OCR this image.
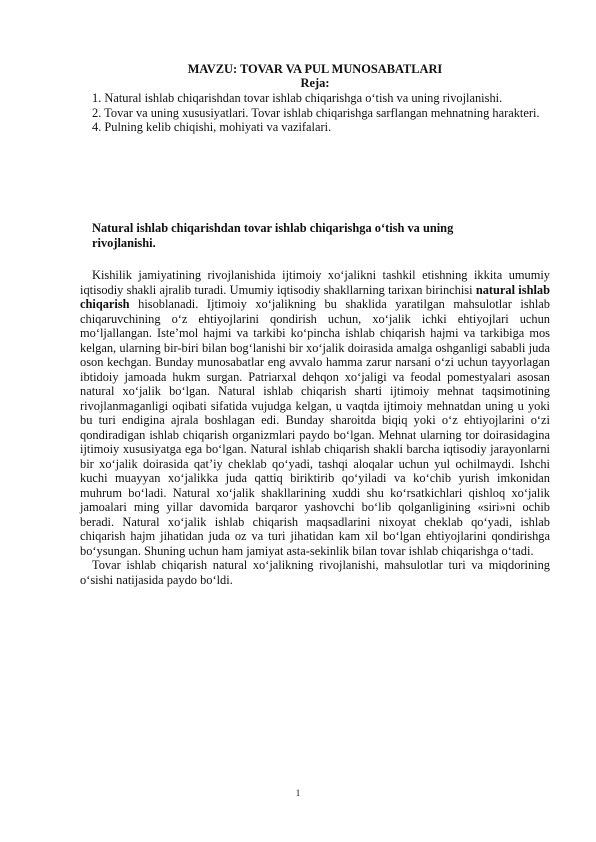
MAVZU: TOVAR VA PUL MUNOSABATLARI
Reja:

1. Natural ishlab chiqarishdan tovar ishlab chiqarishga o‘tish va uning rivojlanishi.

2. Tovar va uning xususiyatlari. Tovar ishlab chiqarishga sarflangan mehnatning harakteri.

4. Pulning kelib chiqishi, mohiyati va vazifalari.

Natural ishlab chiqarishdan tovar ishlab chiqarishga o‘tish va uning rivojlanishi.

Kishilik jamiyatining rivojlanishida ijtimoiy xo‘jalikni tashkil etishning ikkita umumiy iqtisodiy shakli ajralib turadi. Umumiy iqtisodiy shakllarning tarixan birinchisi natural ishlab chiqarish hisoblanadi. Ijtimoiy xo‘jalikning bu shaklida yaratilgan mahsulotlar ishlab chiqaruvchining o‘z ehtiyojlarini qondirish uchun, xo‘jalik ichki ehtiyojlari uchun mo‘ljallangan. Iste’mol hajmi va tarkibi ko‘pincha ishlab chiqarish hajmi va tarkibiga mos kelgan, ularning bir-biri bilan bog‘lanishi bir xo‘jalik doirasida amalga oshganligi sababli juda oson kechgan. Bunday munosabatlar eng avvalo hamma zarur narsani o‘zi uchun tayyorlagan ibtidoiy jamoada hukm surgan. Patriarxal dehqon xo‘jaligi va feodal pomestyalari asosan natural xo‘jalik bo‘lgan. Natural ishlab chiqarish sharti ijtimoiy mehnat taqsimotining rivojlanmaganligi oqibati sifatida vujudga kelgan, u vaqtda ijtimoiy mehnatdan uning u yoki bu turi endigina ajrala boshlagan edi. Bunday sharoitda biqiq yoki o‘z ehtiyojlarini o‘zi qondiradigan ishlab chiqarish organizmlari paydo bo‘lgan. Mehnat ularning tor doirasidagina ijtimoiy xususiyatga ega bo‘lgan. Natural ishlab chiqarish shakli barcha iqtisodiy jarayonlarni bir xo‘jalik doirasida qat’iy cheklab qo‘yadi, tashqi aloqalar uchun yul ochilmaydi. Ishchi kuchi muayyan xo‘jalikka juda qattiq biriktirib qo‘yiladi va ko‘chib yurish imkonidan muhrum bo‘ladi. Natural xo‘jalik shakllarining xuddi shu ko‘rsatkichlari qishloq xo‘jalik jamoalari ming yillar davomida barqaror yashovchi bo‘lib qolganligining «siri»ni ochib beradi. Natural xo‘jalik ishlab chiqarish maqsadlarini nixoyat cheklab qo‘yadi, ishlab chiqarish hajm jihatidan juda oz va turi jihatidan kam xil bo‘lgan ehtiyojlarini qondirishga bo‘ysungan. Shuning uchun ham jamiyat asta-sekinlik bilan tovar ishlab chiqarishga o‘tadi.

Tovar ishlab chiqarish natural xo‘jalikning rivojlanishi, mahsulotlar turi va miqdorining o‘sishi natijasida paydo bo‘ldi.

1
